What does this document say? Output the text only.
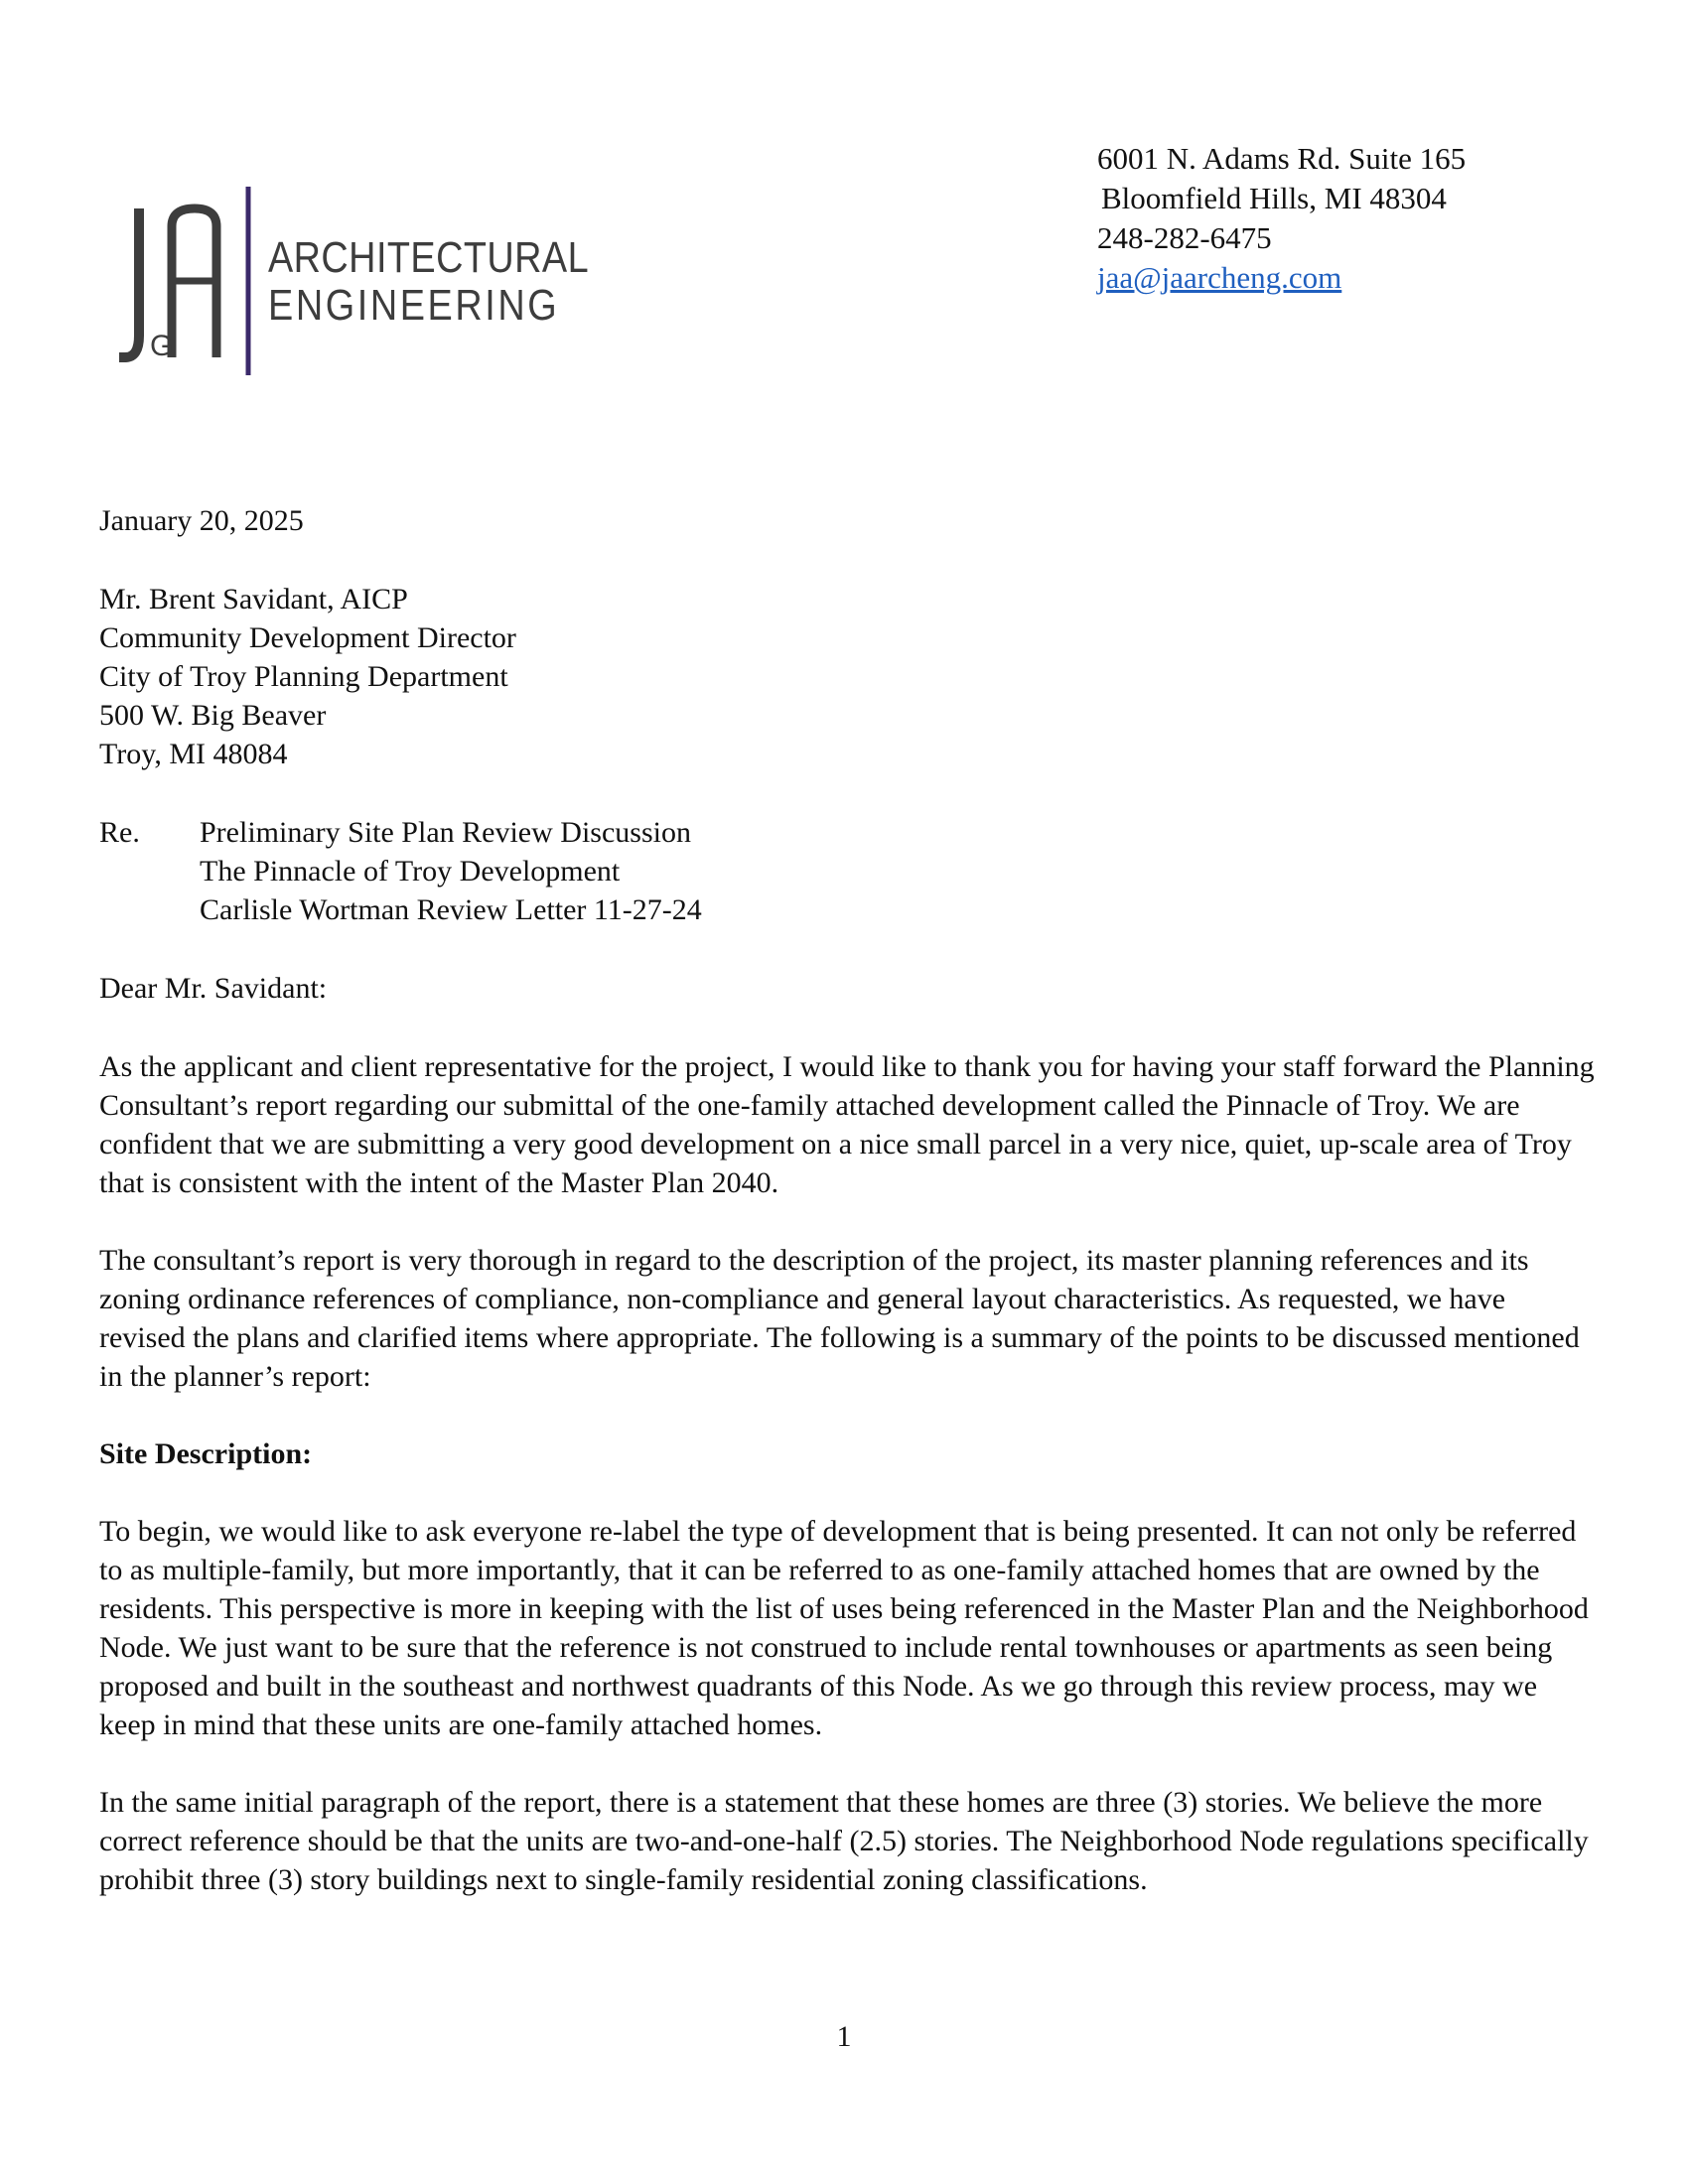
G
ARCHITECTURAL
ENGINEERING
6001 N. Adams Rd. Suite 165
Bloomfield Hills, MI 48304
248-282-6475
jaa@jaarcheng.com
January 20, 2025
Mr. Brent Savidant, AICP
Community Development Director
City of Troy Planning Department
500 W. Big Beaver
Troy, MI 48084
Re.	Preliminary Site Plan Review Discussion
The Pinnacle of Troy Development
Carlisle Wortman Review Letter 11-27-24
Dear Mr. Savidant:

As the applicant and client representative for the project, I would like to thank you for having your staff forward the Planning Consultant’s report regarding our submittal of the one-family attached development called the Pinnacle of Troy. We are confident that we are submitting a very good development on a nice small parcel in a very nice, quiet, up-scale area of Troy that is consistent with the intent of the Master Plan 2040.

The consultant’s report is very thorough in regard to the description of the project, its master planning references and its zoning ordinance references of compliance, non-compliance and general layout characteristics. As requested, we have revised the plans and clarified items where appropriate. The following is a summary of the points to be discussed mentioned in the planner’s report:

Site Description:

To begin, we would like to ask everyone re-label the type of development that is being presented. It can not only be referred to as multiple-family, but more importantly, that it can be referred to as one-family attached homes that are owned by the residents. This perspective is more in keeping with the list of uses being referenced in the Master Plan and the Neighborhood Node. We just want to be sure that the reference is not construed to include rental townhouses or apartments as seen being proposed and built in the southeast and northwest quadrants of this Node. As we go through this review process, may we keep in mind that these units are one-family attached homes.

In the same initial paragraph of the report, there is a statement that these homes are three (3) stories. We believe the more correct reference should be that the units are two-and-one-half (2.5) stories. The Neighborhood Node regulations specifically prohibit three (3) story buildings next to single-family residential zoning classifications.

1
